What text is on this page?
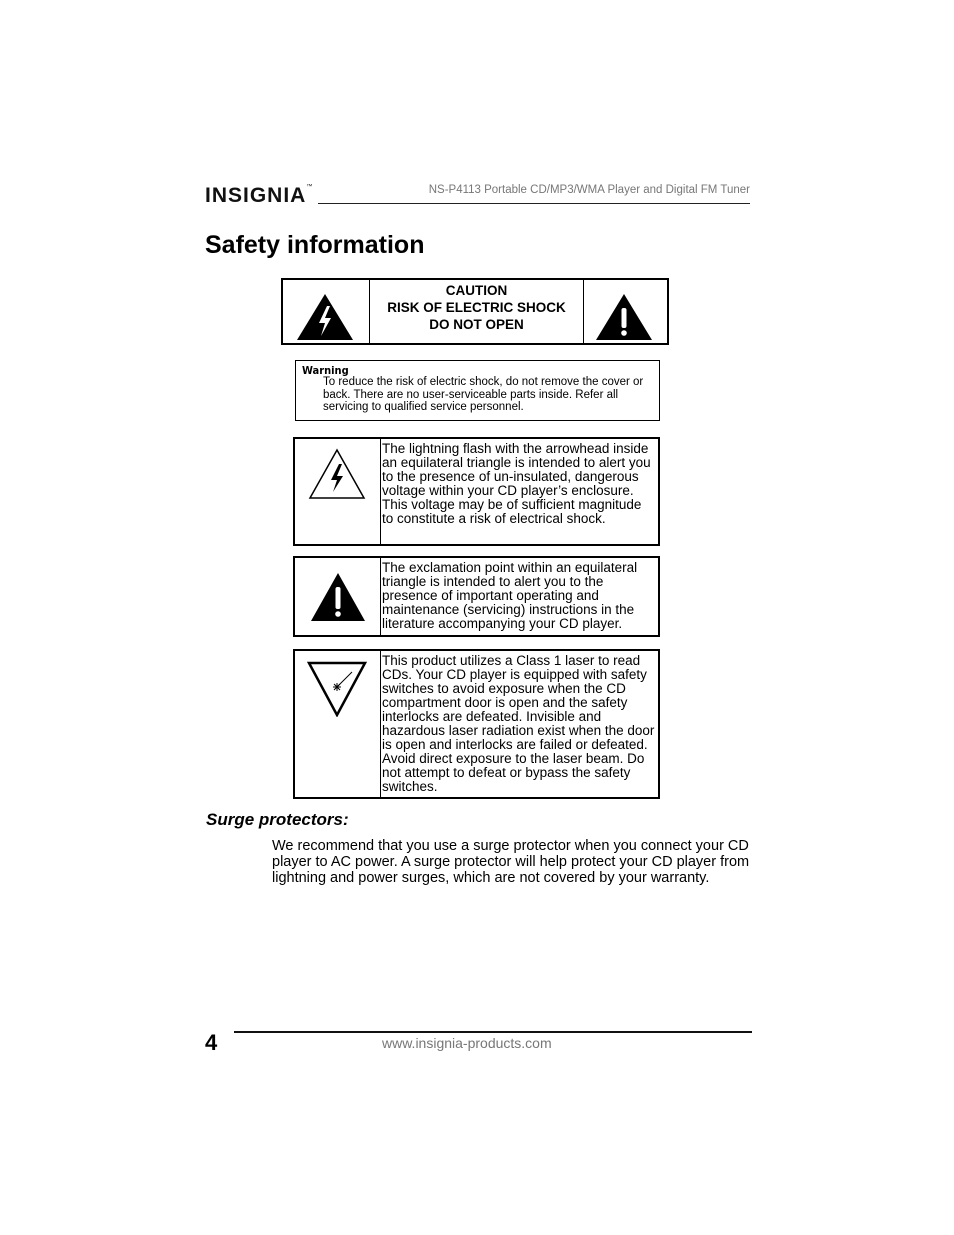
INSIGNIA™	NS-P4113 Portable CD/MP3/WMA Player and Digital FM Tuner
Safety information
CAUTION
RISK OF ELECTRIC SHOCK
DO NOT OPEN
Warning
To reduce the risk of electric shock, do not remove the cover or back. There are no user-serviceable parts inside. Refer all servicing to qualified service personnel.
The lightning flash with the arrowhead inside an equilateral triangle is intended to alert you to the presence of un-insulated, dangerous voltage within your CD player’s enclosure. This voltage may be of sufficient magnitude to constitute a risk of electrical shock.
The exclamation point within an equilateral triangle is intended to alert you to the presence of important operating and maintenance (servicing) instructions in the literature accompanying your CD player.
This product utilizes a Class 1 laser to read CDs. Your CD player is equipped with safety switches to avoid exposure when the CD compartment door is open and the safety interlocks are defeated. Invisible and hazardous laser radiation exist when the door is open and interlocks are failed or defeated. Avoid direct exposure to the laser beam. Do not attempt to defeat or bypass the safety switches.
Surge protectors:
We recommend that you use a surge protector when you connect your CD player to AC power. A surge protector will help protect your CD player from lightning and power surges, which are not covered by your warranty.
4	www.insignia-products.com
